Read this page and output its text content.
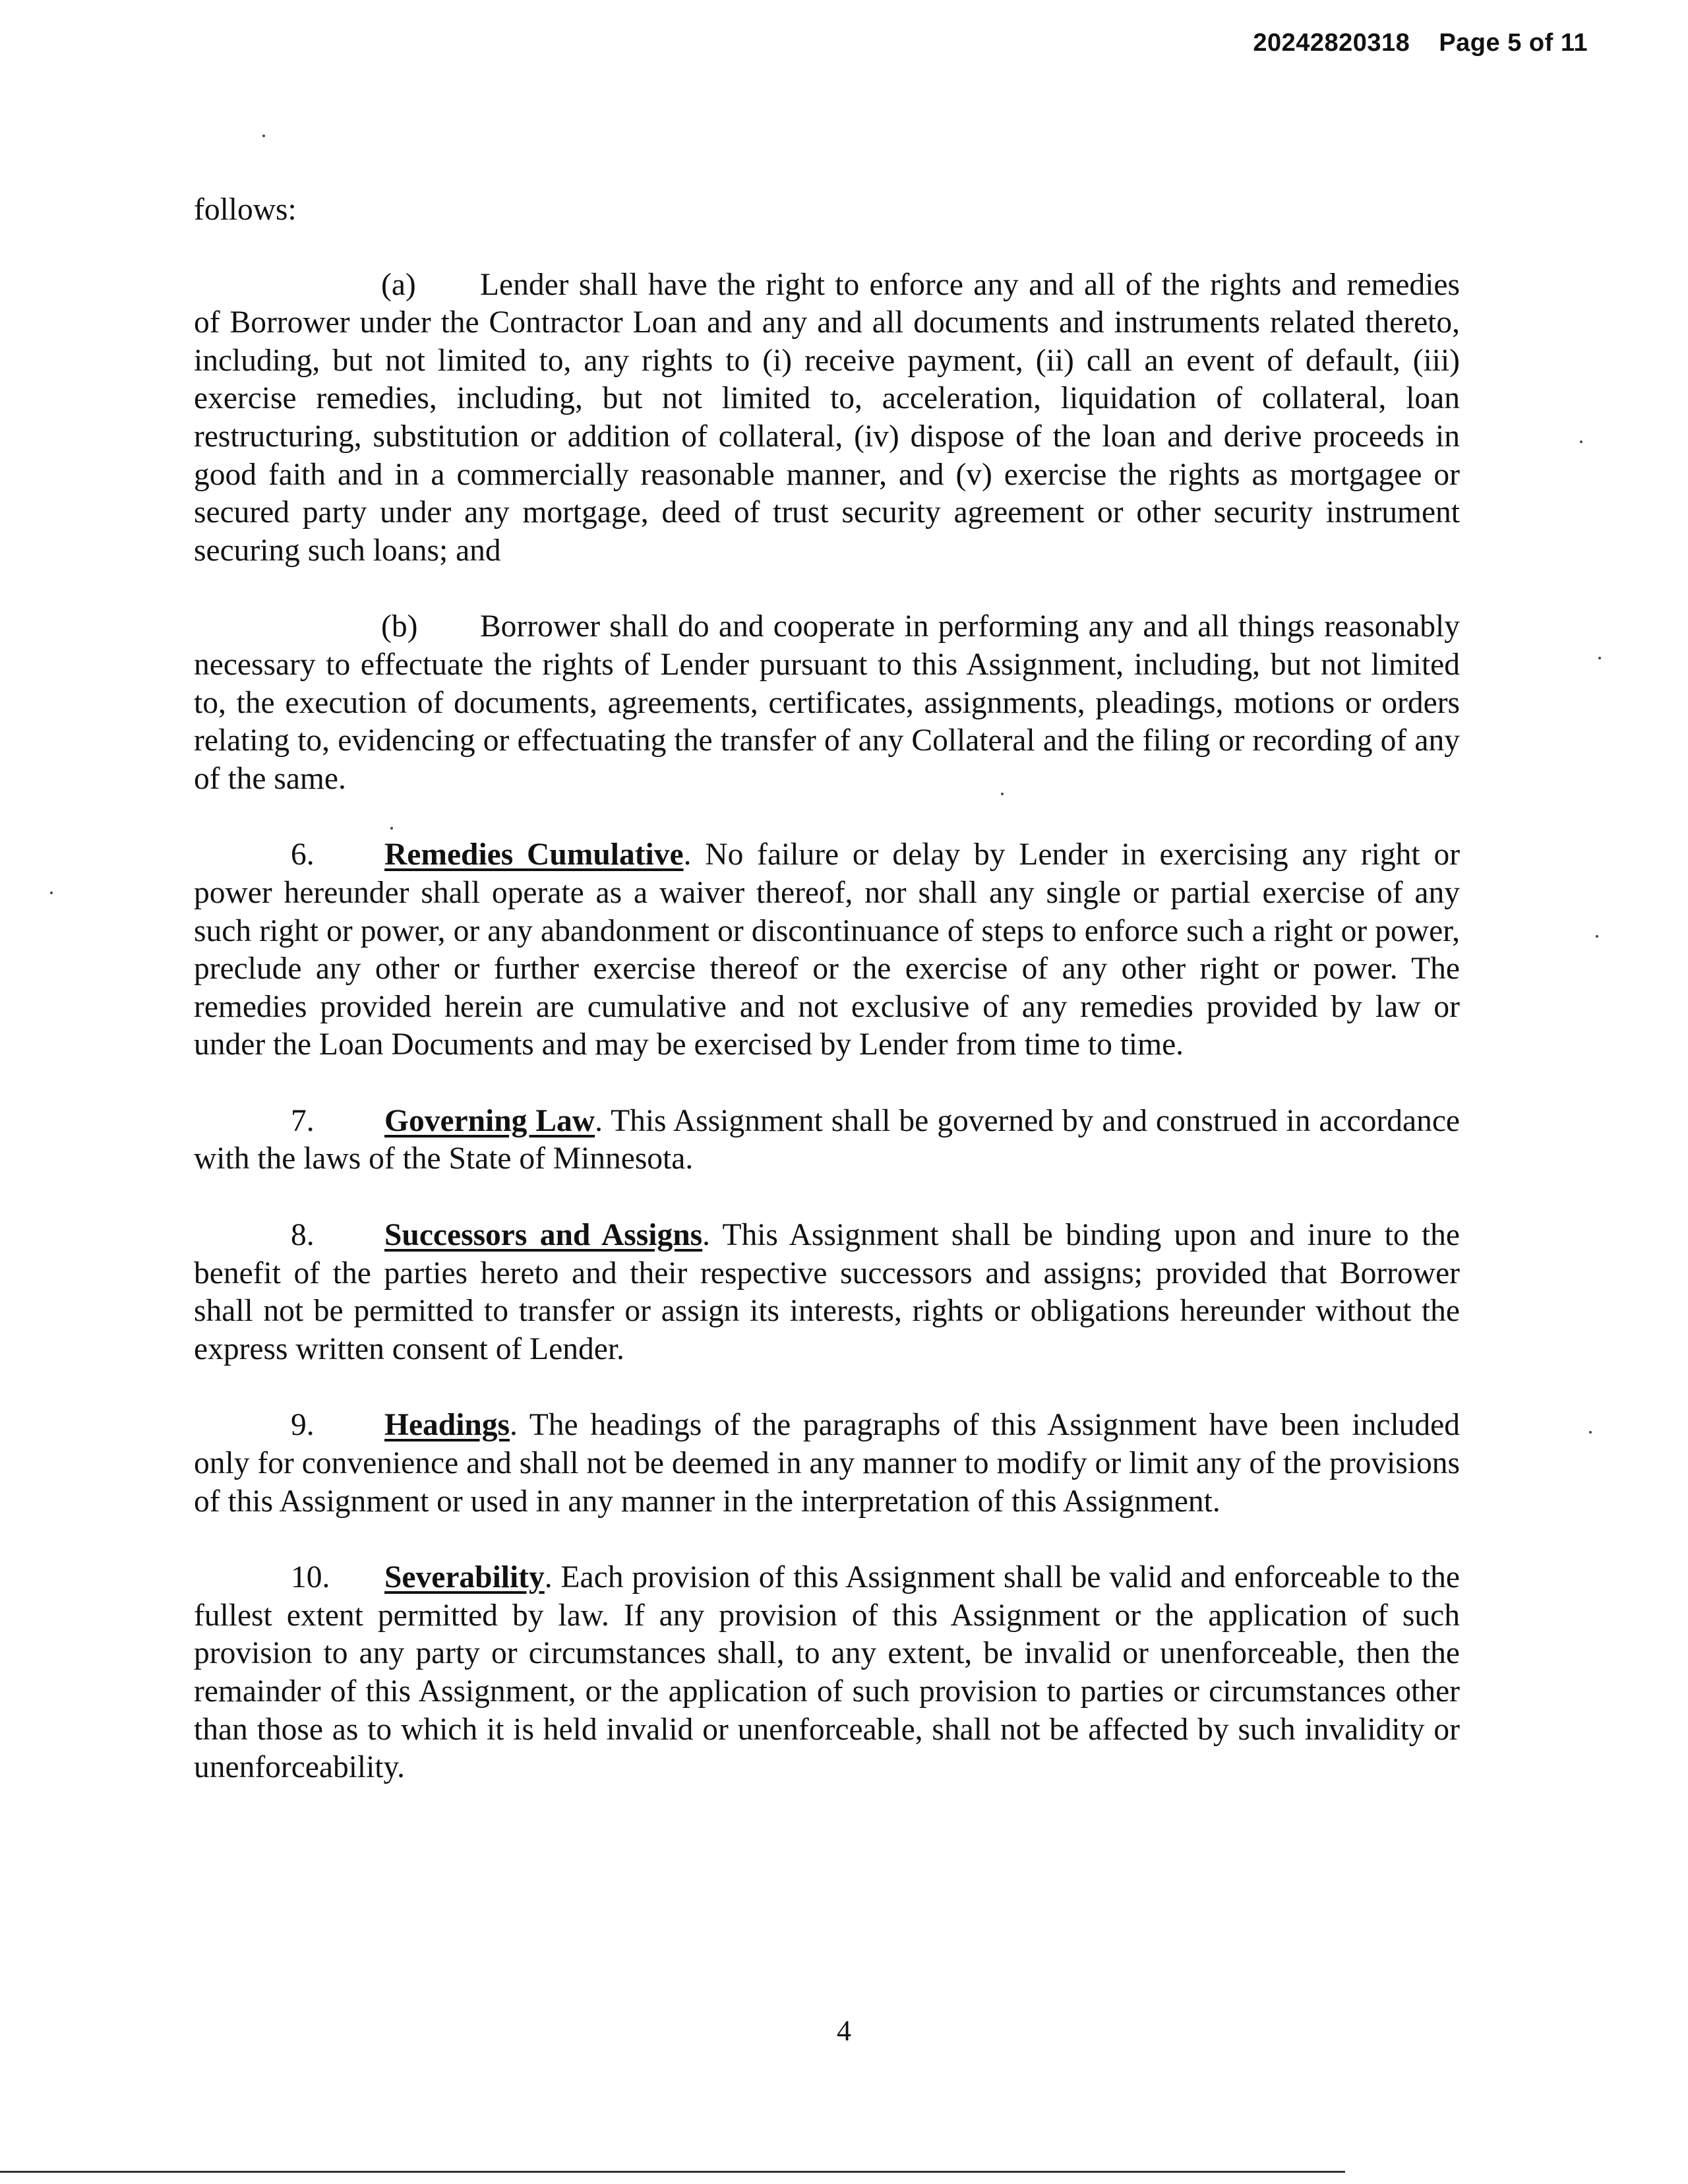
20242820318 Page 5 of 11

follows:

(a) Lender shall have the right to enforce any and all of the rights and remedies of Borrower under the Contractor Loan and any and all documents and instruments related thereto, including, but not limited to, any rights to (i) receive payment, (ii) call an event of default, (iii) exercise remedies, including, but not limited to, acceleration, liquidation of collateral, loan restructuring, substitution or addition of collateral, (iv) dispose of the loan and derive proceeds in good faith and in a commercially reasonable manner, and (v) exercise the rights as mortgagee or secured party under any mortgage, deed of trust security agreement or other security instrument securing such loans; and

(b) Borrower shall do and cooperate in performing any and all things reasonably necessary to effectuate the rights of Lender pursuant to this Assignment, including, but not limited to, the execution of documents, agreements, certificates, assignments, pleadings, motions or orders relating to, evidencing or effectuating the transfer of any Collateral and the filing or recording of any of the same.

6. Remedies Cumulative. No failure or delay by Lender in exercising any right or power hereunder shall operate as a waiver thereof, nor shall any single or partial exercise of any such right or power, or any abandonment or discontinuance of steps to enforce such a right or power, preclude any other or further exercise thereof or the exercise of any other right or power. The remedies provided herein are cumulative and not exclusive of any remedies provided by law or under the Loan Documents and may be exercised by Lender from time to time.

7. Governing Law. This Assignment shall be governed by and construed in accordance with the laws of the State of Minnesota.

8. Successors and Assigns. This Assignment shall be binding upon and inure to the benefit of the parties hereto and their respective successors and assigns; provided that Borrower shall not be permitted to transfer or assign its interests, rights or obligations hereunder without the express written consent of Lender.

9. Headings. The headings of the paragraphs of this Assignment have been included only for convenience and shall not be deemed in any manner to modify or limit any of the provisions of this Assignment or used in any manner in the interpretation of this Assignment.

10. Severability. Each provision of this Assignment shall be valid and enforceable to the fullest extent permitted by law. If any provision of this Assignment or the application of such provision to any party or circumstances shall, to any extent, be invalid or unenforceable, then the remainder of this Assignment, or the application of such provision to parties or circumstances other than those as to which it is held invalid or unenforceable, shall not be affected by such invalidity or unenforceability.

4
